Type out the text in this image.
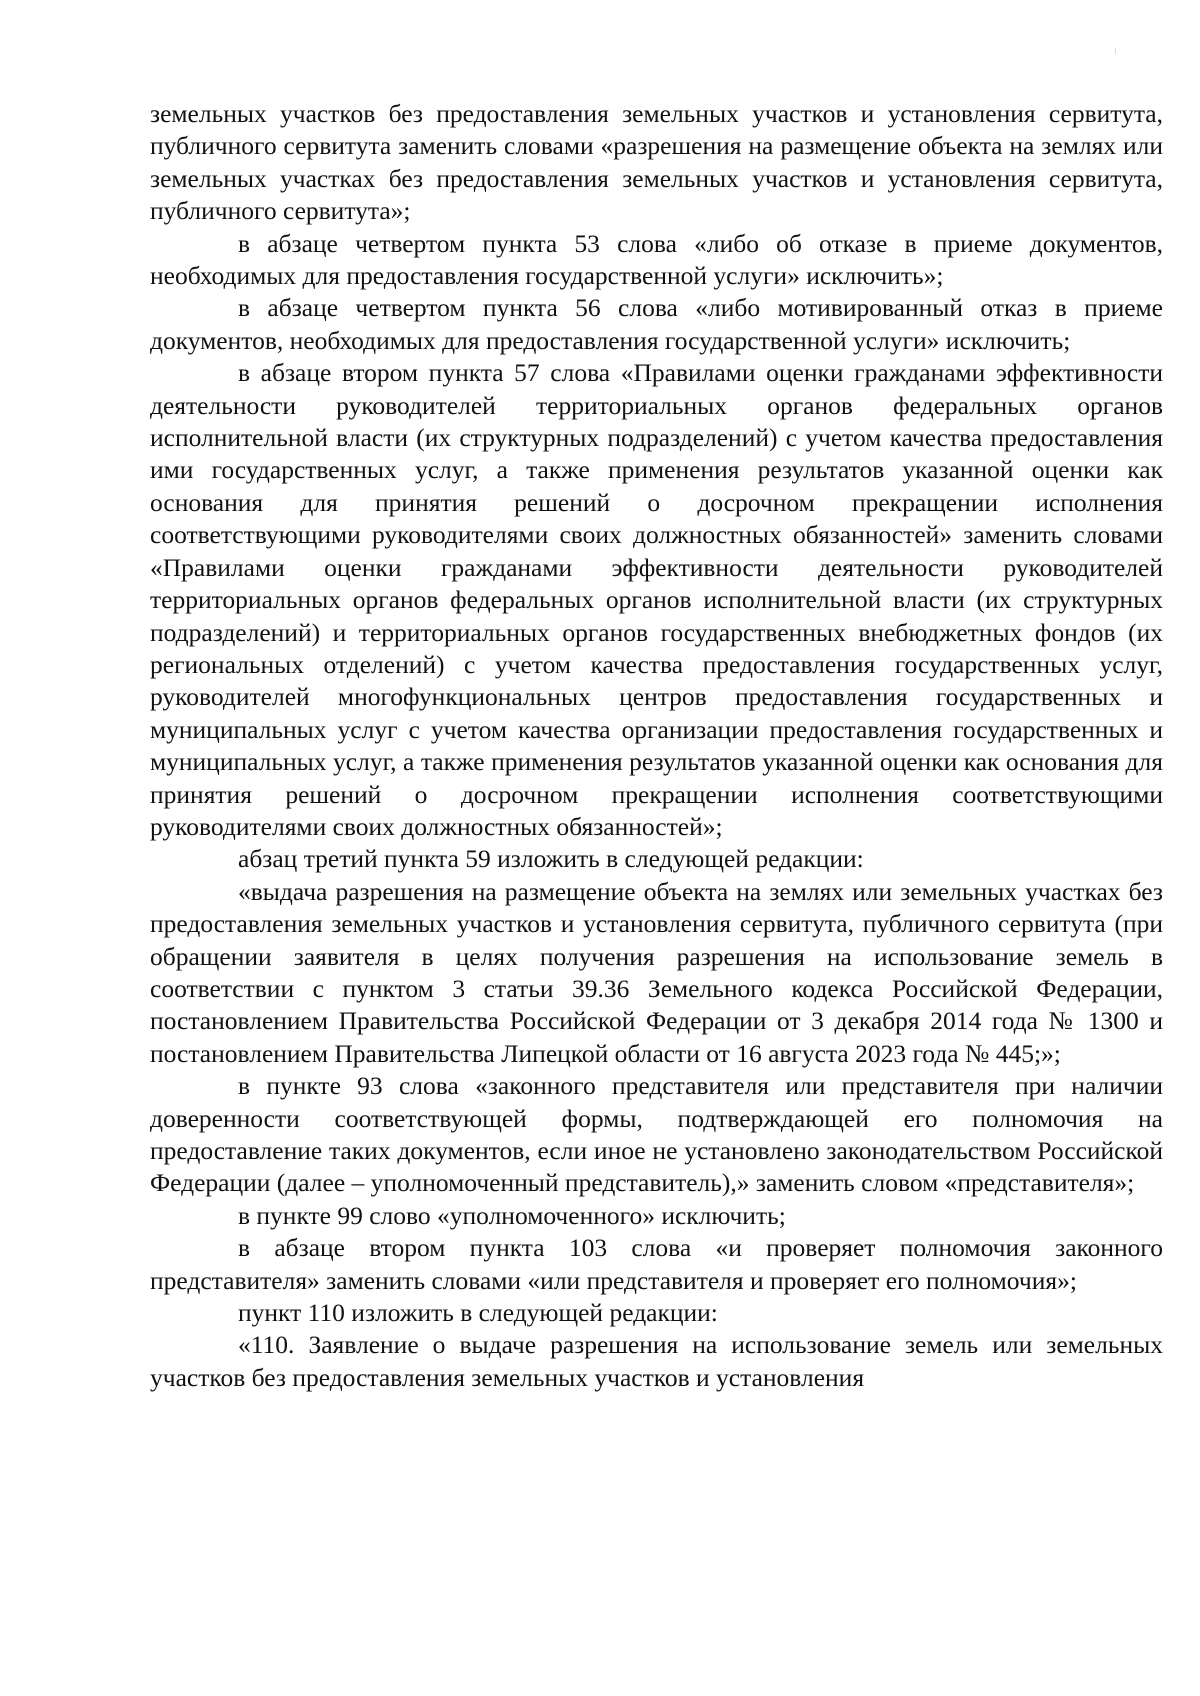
земельных участков без предоставления земельных участков и установления сервитута, публичного сервитута заменить словами «разрешения на размещение объекта на землях или земельных участках без предоставления земельных участков и установления сервитута, публичного сервитута»;

в абзаце четвертом пункта 53 слова «либо об отказе в приеме документов, необходимых для предоставления государственной услуги» исключить»;

в абзаце четвертом пункта 56 слова «либо мотивированный отказ в приеме документов, необходимых для предоставления государственной услуги» исключить;

в абзаце втором пункта 57 слова «Правилами оценки гражданами эффективности деятельности руководителей территориальных органов федеральных органов исполнительной власти (их структурных подразделений) с учетом качества предоставления ими государственных услуг, а также применения результатов указанной оценки как основания для принятия решений о досрочном прекращении исполнения соответствующими руководителями своих должностных обязанностей» заменить словами «Правилами оценки гражданами эффективности деятельности руководителей территориальных органов федеральных органов исполнительной власти (их структурных подразделений) и территориальных органов государственных внебюджетных фондов (их региональных отделений) с учетом качества предоставления государственных услуг, руководителей многофункциональных центров предоставления государственных и муниципальных услуг с учетом качества организации предоставления государственных и муниципальных услуг, а также применения результатов указанной оценки как основания для принятия решений о досрочном прекращении исполнения соответствующими руководителями своих должностных обязанностей»;

абзац третий пункта 59 изложить в следующей редакции:

«выдача разрешения на размещение объекта на землях или земельных участках без предоставления земельных участков и установления сервитута, публичного сервитута (при обращении заявителя в целях получения разрешения на использование земель в соответствии с пунктом 3 статьи 39.36 Земельного кодекса Российской Федерации, постановлением Правительства Российской Федерации от 3 декабря 2014 года № 1300 и постановлением Правительства Липецкой области от 16 августа 2023 года № 445;»;

в пункте 93 слова «законного представителя или представителя при наличии доверенности соответствующей формы, подтверждающей его полномочия на предоставление таких документов, если иное не установлено законодательством Российской Федерации (далее – уполномоченный представитель),» заменить словом «представителя»;

в пункте 99 слово «уполномоченного» исключить;

в абзаце втором пункта 103 слова «и проверяет полномочия законного представителя» заменить словами «или представителя и проверяет его полномочия»;

пункт 110 изложить в следующей редакции:

«110. Заявление о выдаче разрешения на использование земель или земельных участков без предоставления земельных участков и установления
